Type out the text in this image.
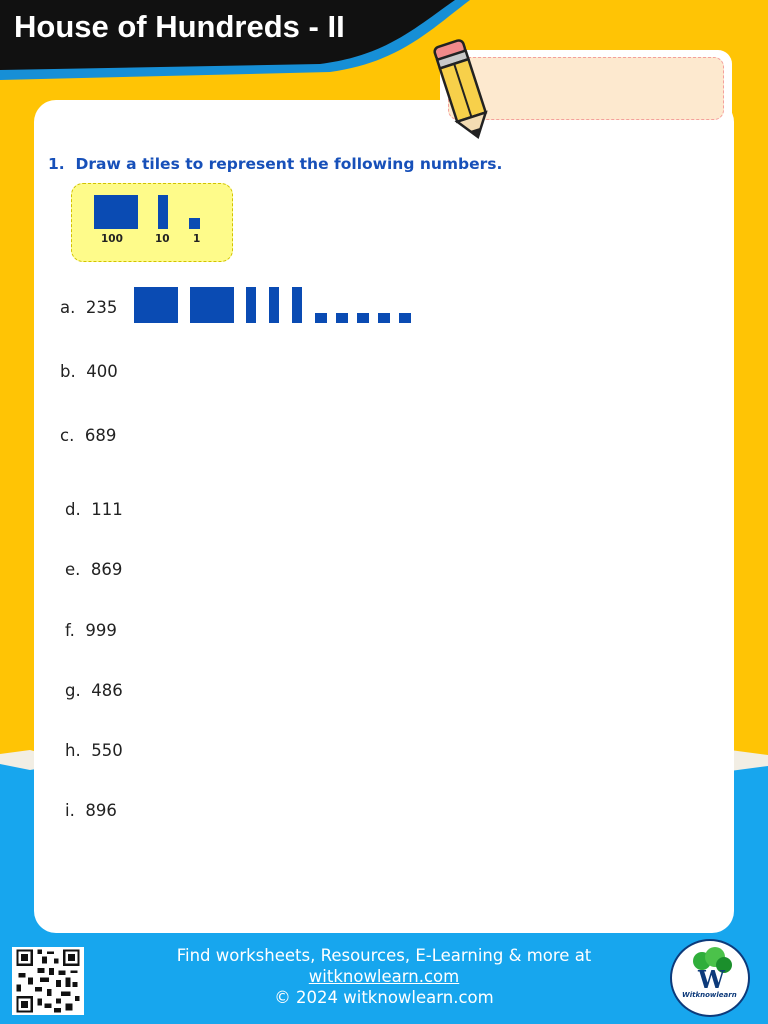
House of Hundreds - II
1. Draw a tiles to represent the following numbers.
100	10 1
a. 235
b. 400
c. 689
d. 111
e. 869
f. 999
g. 486
h. 550
i. 896
Find worksheets, Resources, E-Learning & more at
witknowlearn.com
© 2024 witknowlearn.com
W
Witknowlearn
